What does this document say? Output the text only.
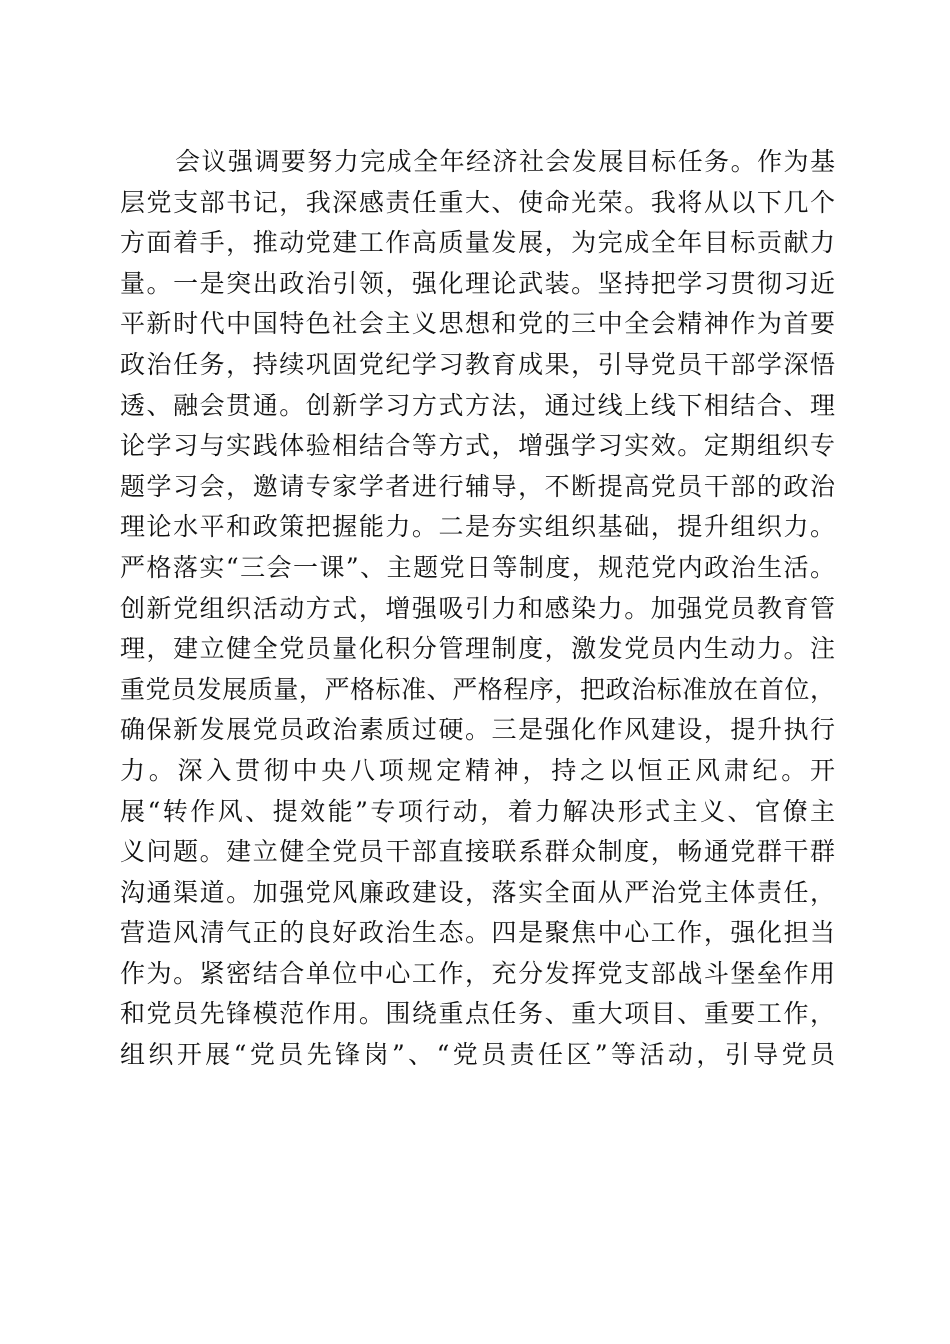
会议强调要努力完成全年经济社会发展目标任务。作为基
层党支部书记，我深感责任重大、使命光荣。我将从以下几个
方面着手，推动党建工作高质量发展，为完成全年目标贡献力
量。一是突出政治引领，强化理论武装。坚持把学习贯彻习近
平新时代中国特色社会主义思想和党的三中全会精神作为首要
政治任务，持续巩固党纪学习教育成果，引导党员干部学深悟
透、融会贯通。创新学习方式方法，通过线上线下相结合、理
论学习与实践体验相结合等方式，增强学习实效。定期组织专
题学习会，邀请专家学者进行辅导，不断提高党员干部的政治
理论水平和政策把握能力。二是夯实组织基础，提升组织力。
严格落实“三会一课”、主题党日等制度，规范党内政治生活。
创新党组织活动方式，增强吸引力和感染力。加强党员教育管
理，建立健全党员量化积分管理制度，激发党员内生动力。注
重党员发展质量，严格标准、严格程序，把政治标准放在首位，
确保新发展党员政治素质过硬。三是强化作风建设，提升执行
力。深入贯彻中央八项规定精神，持之以恒正风肃纪。开
展“转作风、提效能”专项行动，着力解决形式主义、官僚主
义问题。建立健全党员干部直接联系群众制度，畅通党群干群
沟通渠道。加强党风廉政建设，落实全面从严治党主体责任，
营造风清气正的良好政治生态。四是聚焦中心工作，强化担当
作为。紧密结合单位中心工作，充分发挥党支部战斗堡垒作用
和党员先锋模范作用。围绕重点任务、重大项目、重要工作，
组织开展“党员先锋岗”、“党员责任区”等活动，引导党员
